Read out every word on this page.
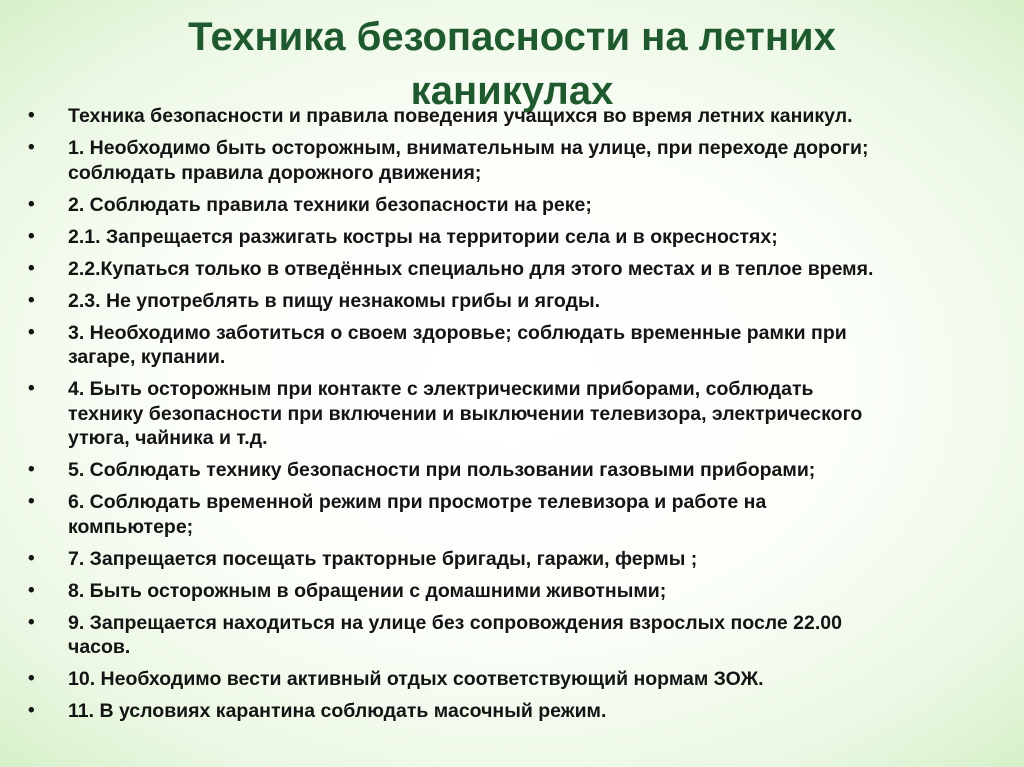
Техника безопасности на летних
каникулах
• Техника безопасности и правила поведения учащихся во время летних каникул.
• 1. Необходимо быть осторожным, внимательным на улице, при переходе дороги;
соблюдать правила дорожного движения;
• 2. Соблюдать правила техники безопасности на реке;
• 2.1. Запрещается разжигать костры на территории села и в окресностях;
• 2.2.Купаться только в отведённых специально для этого местах и в теплое время.
• 2.3. Не употреблять в пищу незнакомы грибы и ягоды.
• 3. Необходимо заботиться о своем здоровье; соблюдать временные рамки при
загаре, купании.
• 4. Быть осторожным при контакте с электрическими приборами, соблюдать
технику безопасности при включении и выключении телевизора, электрического
утюга, чайника и т.д.
• 5. Соблюдать технику безопасности при пользовании газовыми приборами;
• 6. Соблюдать временной режим при просмотре телевизора и работе на
компьютере;
• 7. Запрещается посещать тракторные бригады, гаражи, фермы ;
• 8. Быть осторожным в обращении с домашними животными;
• 9. Запрещается находиться на улице без сопровождения взрослых после 22.00
часов.
• 10. Необходимо вести активный отдых соответствующий нормам ЗОЖ.
• 11. В условиях карантина соблюдать масочный режим.
